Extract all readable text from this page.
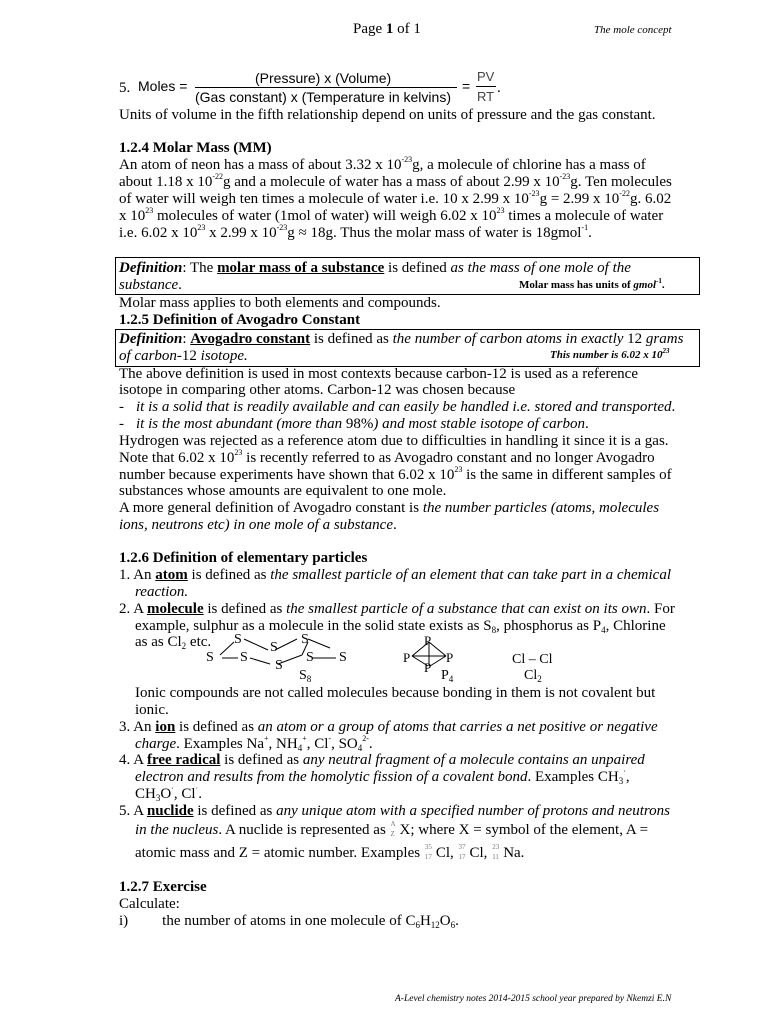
Page 1 of 1	The mole concept
5. Moles =	(Pressure) x (Volume)
(Gas constant) x (Temperature in kelvins)
=
PV
RT
.
Units of volume in the fifth relationship depend on units of pressure and the gas constant.
1.2.4 Molar Mass (MM)
An atom of neon has a mass of about 3.32 x $10^{-23}g$, a molecule of chlorine has a mass of
about 1.18 x $10^{-22}g$ and a molecule of water has a mass of about 2.99 x $10^{-23}g$. Ten molecules
of water will weigh ten times a molecule of water i.e. 10 x 2.99 x $10^{-23}g = 2.99$ x $10^{-22}g$. 6.02
x $10^{23}$ molecules of water (1mol of water) will weigh 6.02 x $10^{23}$ times a molecule of water
i.e. 6.02 x $10^{23}$ x 2.99 x $10^{-23}g \approx 18g$. Thus the molar mass of water is 18gmol$^{-1}$.
Definition: The molar mass of a substance is defined as the mass of one mole of the
substance.	Molar mass has units of gmol$^{-1}$.
Molar mass applies to both elements and compounds.
1.2.5 Definition of Avogadro Constant
Definition: Avogadro constant is defined as the number of carbon atoms in exactly 12 grams
of carbon-12 isotope.	This number is 6.02 x $10^{23}$
The above definition is used in most contexts because carbon-12 is used as a reference
isotope in comparing other atoms. Carbon-12 was chosen because
- it is a solid that is readily available and can easily be handled i.e. stored and transported.
- it is the most abundant (more than 98%) and most stable isotope of carbon.
Hydrogen was rejected as a reference atom due to difficulties in handling it since it is a gas.
Note that 6.02 x $10^{23}$ is recently referred to as Avogadro constant and no longer Avogadro
number because experiments have shown that 6.02 x $10^{23}$ is the same in different samples of
substances whose amounts are equivalent to one mole.
A more general definition of Avogadro constant is the number particles (atoms, molecules
ions, neutrons etc) in one mole of a substance.
1.2.6 Definition of elementary particles
1. An atom is defined as the smallest particle of an element that can take part in a chemical
reaction.
2. A molecule is defined as the smallest particle of a substance that can exist on its own. For
example, sulphur as a molecule in the solid state exists as $S_8$, phosphorus as $P_4$, Chlorine
as as $Cl_2$ etc.	S	S
S
S S	S S
S
$S_8$
P
P	P
P
$P_4$
Cl – Cl
$Cl_2$
Ionic compounds are not called molecules because bonding in them is not covalent but
ionic.
3. An ion is defined as an atom or a group of atoms that carries a net positive or negative
charge. Examples Na+, $NH_4^+$, Cl-, $SO_4^{2-}$.
4. A free radical is defined as any neutral fragment of a molecule contains an unpaired
electron and results from the homolytic fission of a covalent bond. Examples $CH_3^\cdot$,
$CH_3O^\cdot$, Cl·.
5. A nuclide is defined as any unique atom with a specified number of protons and neutrons
in the nucleus. A nuclide is represented as A
Z X; where X = symbol of the element, A =
atomic mass and Z = atomic number. Examples 35
17 Cl, 37
17 Cl, 23
11 Na.
1.2.7 Exercise
Calculate:
i) the number of atoms in one molecule of $C_6H_{12}O_6$.
A-Level chemistry notes 2014-2015 school year prepared by Nkemzi E.N
